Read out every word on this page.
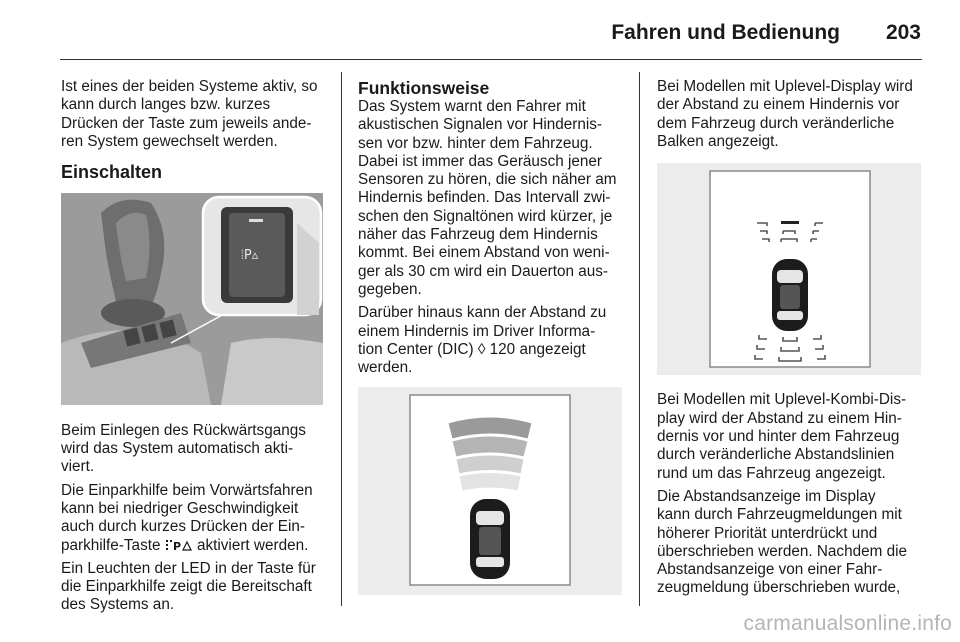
Fahren und Bedienung 203

Ist eines der beiden Systeme aktiv, so
kann durch langes bzw. kurzes
Drücken der Taste zum jeweils ande-
ren System gewechselt werden.

Einschalten
⦙P▵

Beim Einlegen des Rückwärtsgangs
wird das System automatisch akti-
viert.

Die Einparkhilfe beim Vorwärtsfahren
kann bei niedriger Geschwindigkeit
auch durch kurzes Drücken der Ein-
parkhilfe-Taste P aktiviert werden.

Ein Leuchten der LED in der Taste für
die Einparkhilfe zeigt die Bereitschaft
des Systems an.

Funktionsweise

Das System warnt den Fahrer mit
akustischen Signalen vor Hindernis-
sen vor bzw. hinter dem Fahrzeug.
Dabei ist immer das Geräusch jener
Sensoren zu hören, die sich näher am
Hindernis befinden. Das Intervall zwi-
schen den Signaltönen wird kürzer, je
näher das Fahrzeug dem Hindernis
kommt. Bei einem Abstand von weni-
ger als 30 cm wird ein Dauerton aus-
gegeben.

Darüber hinaus kann der Abstand zu
einem Hindernis im Driver Informa-
tion Center (DIC) ◊ 120 angezeigt
werden.

Bei Modellen mit Uplevel-Display wird
der Abstand zu einem Hindernis vor
dem Fahrzeug durch veränderliche
Balken angezeigt.

Bei Modellen mit Uplevel-Kombi-Dis-
play wird der Abstand zu einem Hin-
dernis vor und hinter dem Fahrzeug
durch veränderliche Abstandslinien
rund um das Fahrzeug angezeigt.

Die Abstandsanzeige im Display
kann durch Fahrzeugmeldungen mit
höherer Priorität unterdrückt und
überschrieben werden. Nachdem die
Abstandsanzeige von einer Fahr-
zeugmeldung überschrieben wurde,

carmanualsonline.info
